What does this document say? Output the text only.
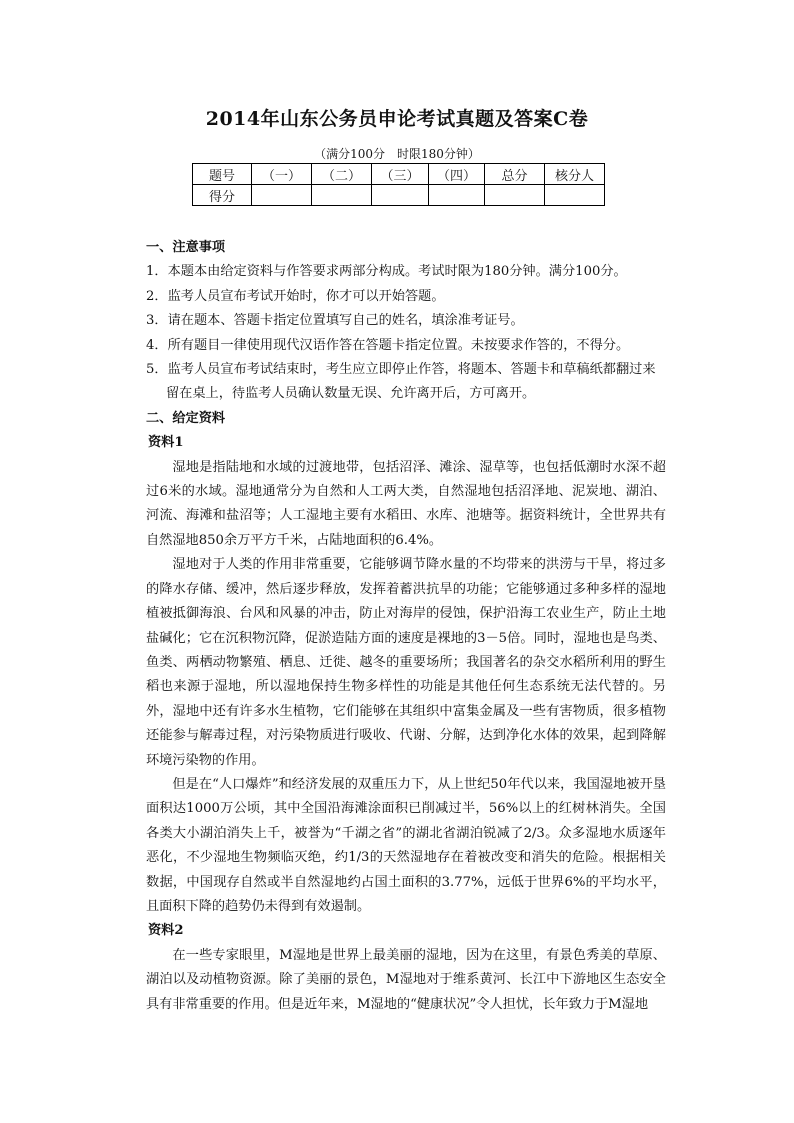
2014年山东公务员申论考试真题及答案C卷
（满分100分　时限180分钟）
题号	（一）	（二）	（三）	（四）	总分	核分人
得分						

一、注意事项

1．本题本由给定资料与作答要求两部分构成。考试时限为180分钟。满分100分。

2．监考人员宣布考试开始时，你才可以开始答题。

3．请在题本、答题卡指定位置填写自己的姓名，填涂准考证号。

4．所有题目一律使用现代汉语作答在答题卡指定位置。未按要求作答的，不得分。

5．监考人员宣布考试结束时，考生应立即停止作答，将题本、答题卡和草稿纸都翻过来留在桌上，待监考人员确认数量无误、允许离开后，方可离开。

二、给定资料

资料1

湿地是指陆地和水域的过渡地带，包括沼泽、滩涂、湿草等，也包括低潮时水深不超过6米的水域。湿地通常分为自然和人工两大类，自然湿地包括沼泽地、泥炭地、湖泊、河流、海滩和盐沼等；人工湿地主要有水稻田、水库、池塘等。据资料统计，全世界共有自然湿地850余万平方千米，占陆地面积的6.4%。

湿地对于人类的作用非常重要，它能够调节降水量的不均带来的洪涝与干旱，将过多的降水存储、缓冲，然后逐步释放，发挥着蓄洪抗旱的功能；它能够通过多种多样的湿地植被抵御海浪、台风和风暴的冲击，防止对海岸的侵蚀，保护沿海工农业生产，防止土地盐碱化；它在沉积物沉降，促淤造陆方面的速度是裸地的3－5倍。同时，湿地也是鸟类、鱼类、两栖动物繁殖、栖息、迁徙、越冬的重要场所；我国著名的杂交水稻所利用的野生稻也来源于湿地，所以湿地保持生物多样性的功能是其他任何生态系统无法代替的。另外，湿地中还有许多水生植物，它们能够在其组织中富集金属及一些有害物质，很多植物还能参与解毒过程，对污染物质进行吸收、代谢、分解，达到净化水体的效果，起到降解环境污染物的作用。

但是在“人口爆炸”和经济发展的双重压力下，从上世纪50年代以来，我国湿地被开垦面积达1000万公顷，其中全国沿海滩涂面积已削减过半，56%以上的红树林消失。全国各类大小湖泊消失上千，被誉为“千湖之省”的湖北省湖泊锐减了2/3。众多湿地水质逐年恶化，不少湿地生物频临灭绝，约1/3的天然湿地存在着被改变和消失的危险。根据相关数据，中国现存自然或半自然湿地约占国土面积的3.77%，远低于世界6%的平均水平，且面积下降的趋势仍未得到有效遏制。

资料2

在一些专家眼里，M湿地是世界上最美丽的湿地，因为在这里，有景色秀美的草原、湖泊以及动植物资源。除了美丽的景色，M湿地对于维系黄河、长江中下游地区生态安全具有非常重要的作用。但是近年来，M湿地的“健康状况”令人担忧，长年致力于M湿地
